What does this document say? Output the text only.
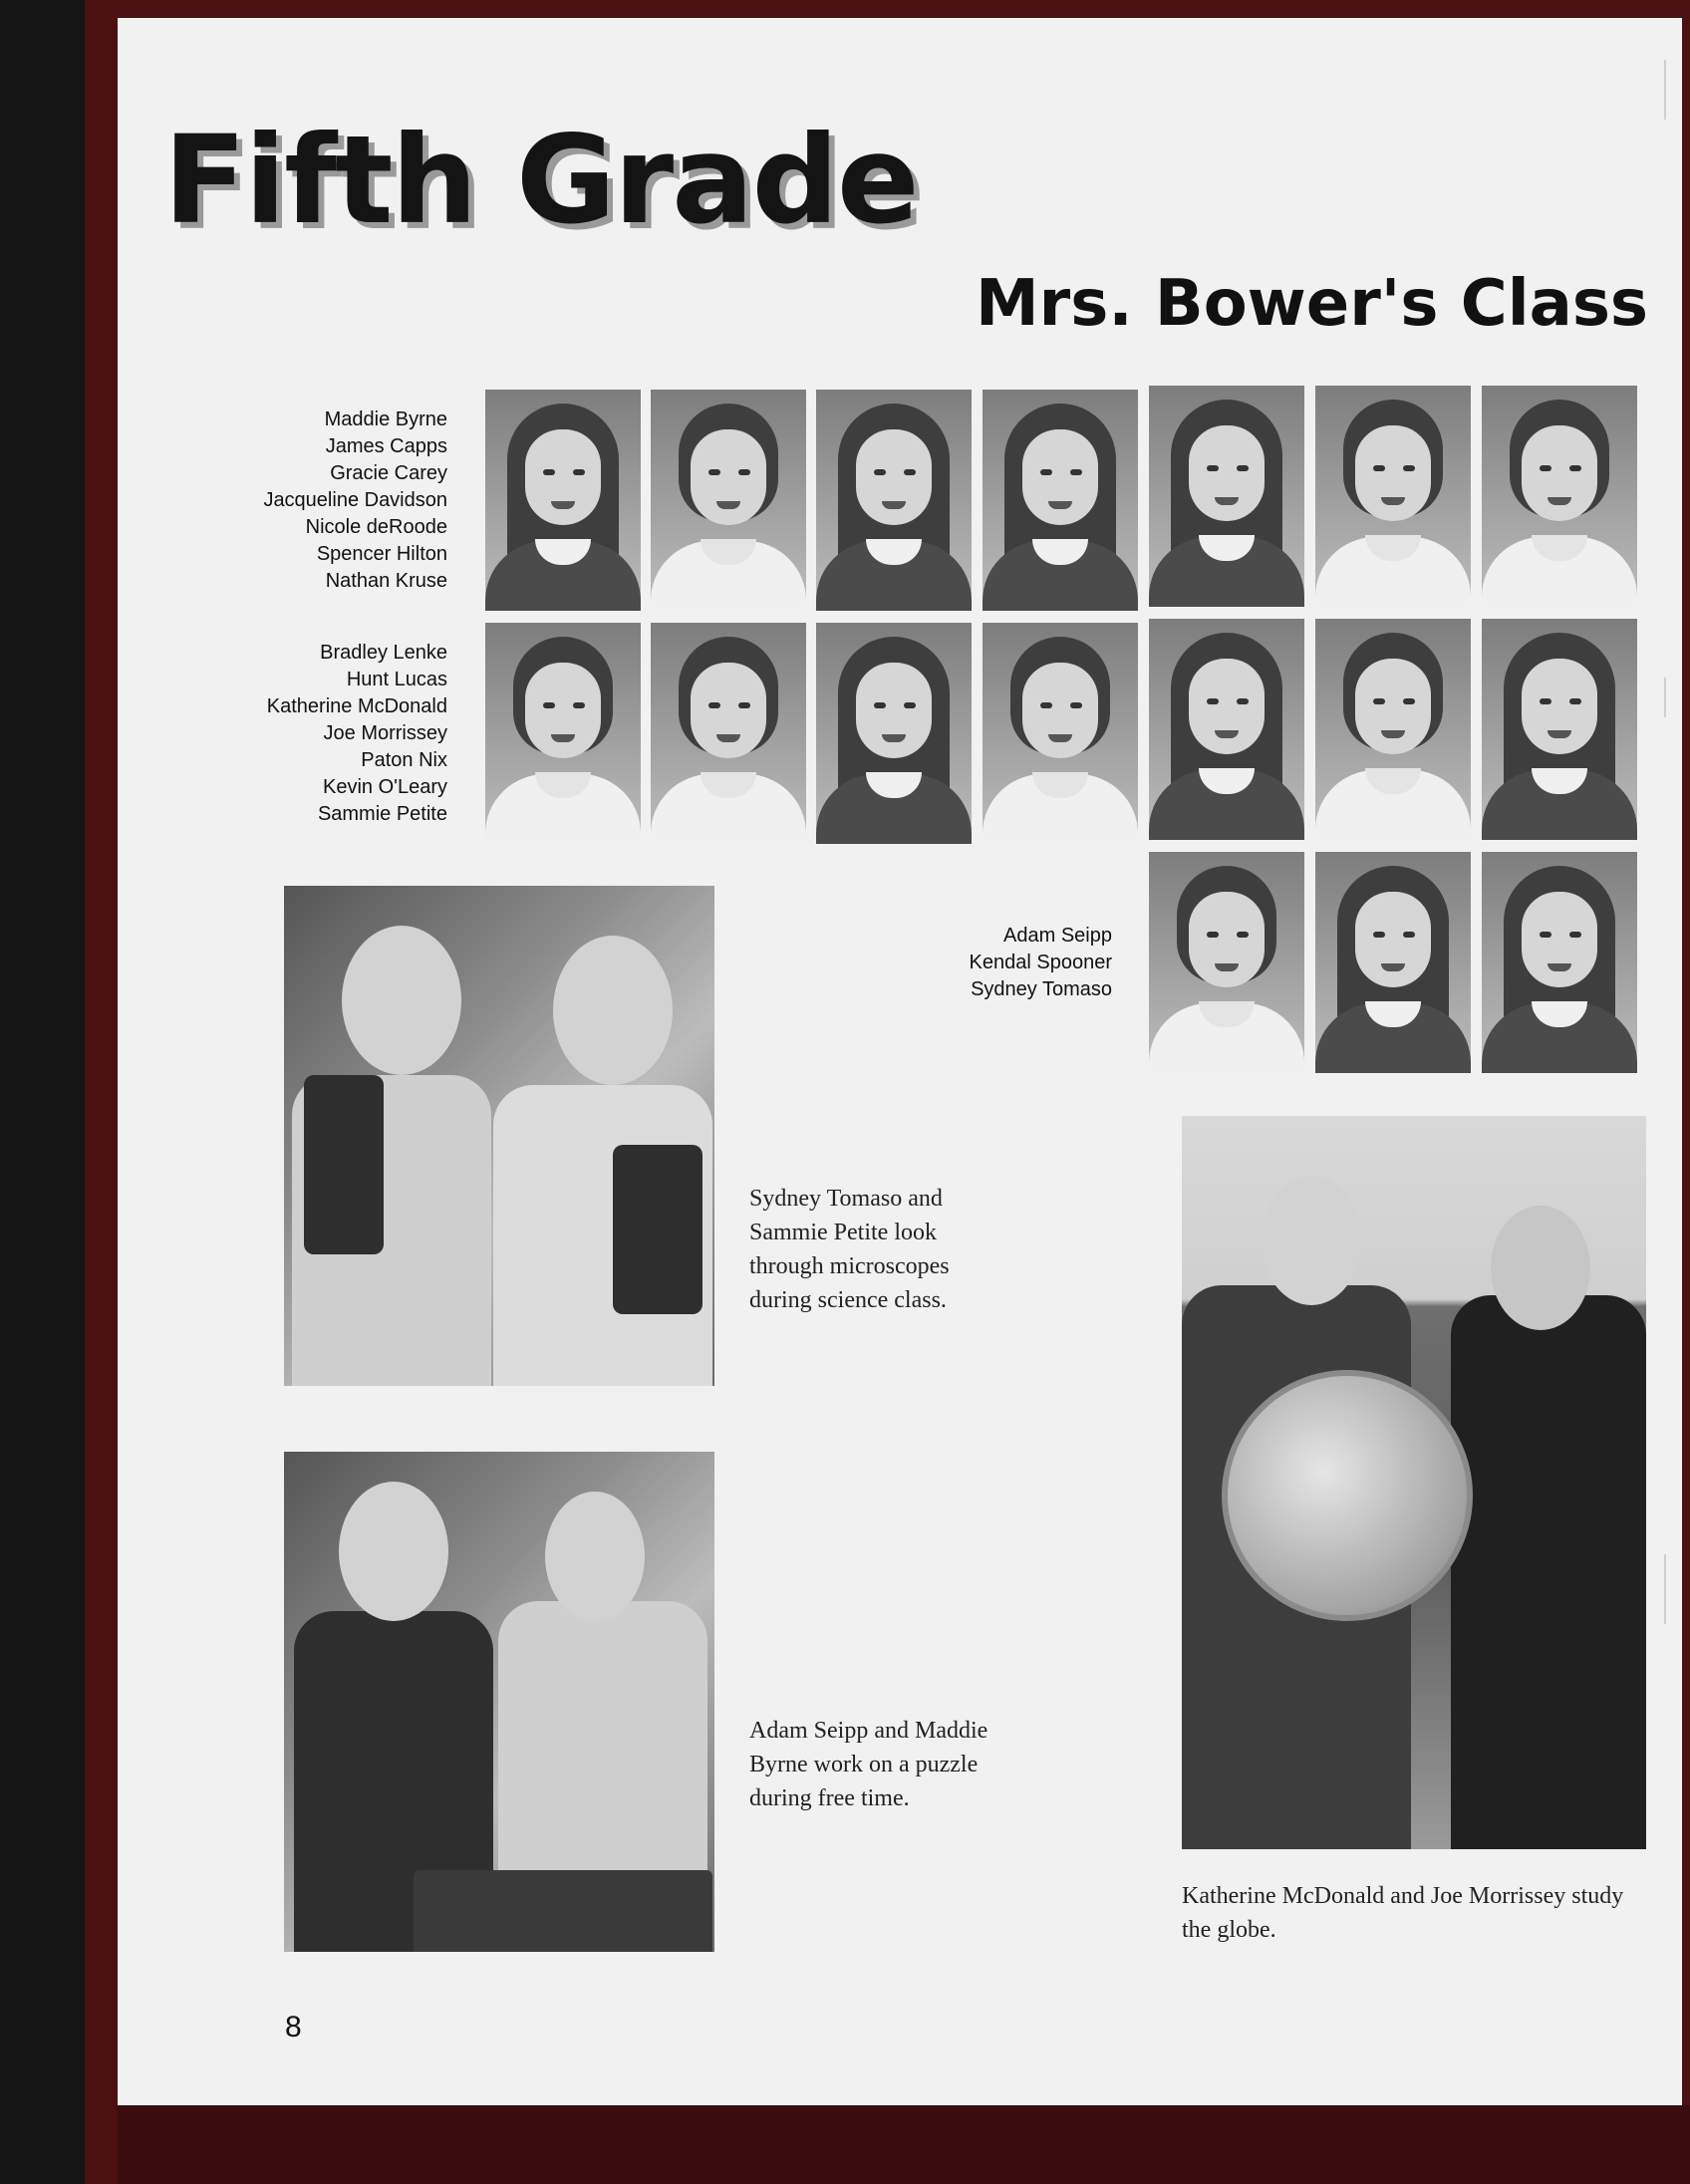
Fifth Grade
Mrs. Bower's Class
Maddie Byrne
James Capps
Gracie Carey
Jacqueline Davidson
Nicole deRoode
Spencer Hilton
Nathan Kruse
Bradley Lenke
Hunt Lucas
Katherine McDonald
Joe Morrissey
Paton Nix
Kevin O'Leary
Sammie Petite
Adam Seipp
Kendal Spooner
Sydney Tomaso
Sydney Tomaso and Sammie Petite look through microscopes during science class.
Adam Seipp and Maddie Byrne work on a puzzle during free time.
Katherine McDonald and Joe Morrissey study the globe.
8
